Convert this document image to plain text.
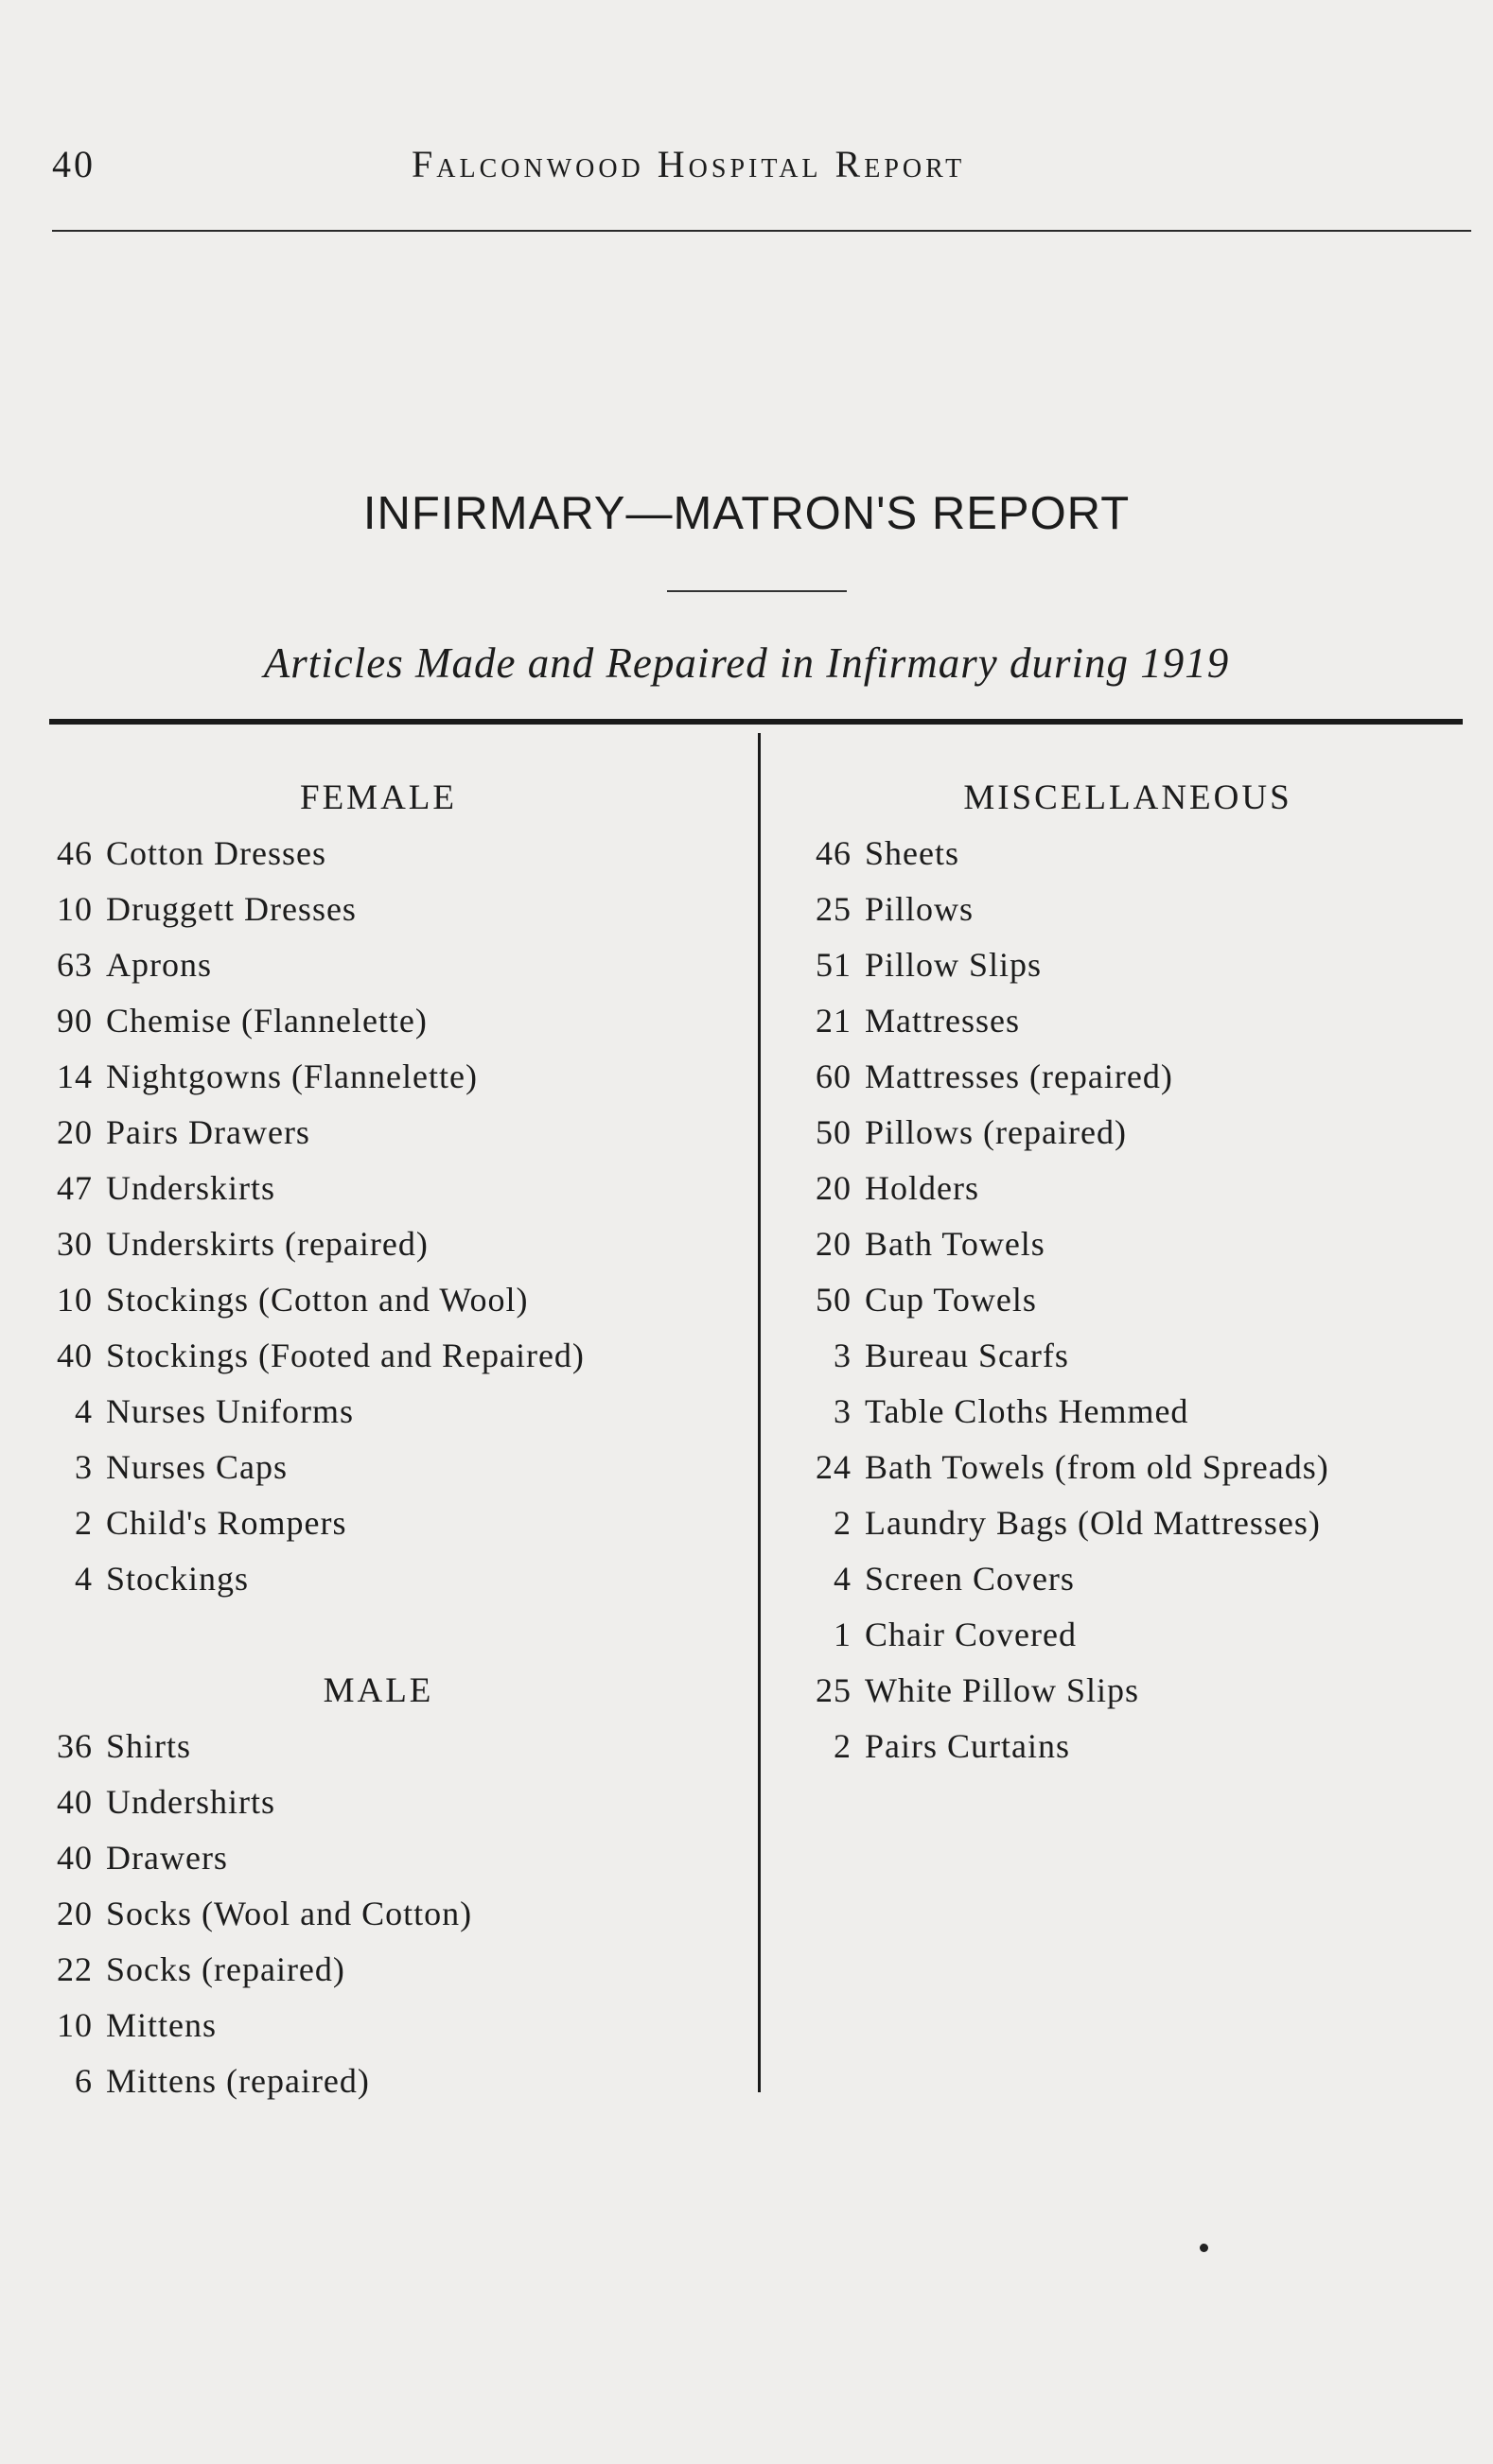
40	Falconwood Hospital Report
INFIRMARY—MATRON'S REPORT
Articles Made and Repaired in Infirmary during 1919
FEMALE
46 Cotton Dresses
10 Druggett Dresses
63 Aprons
90 Chemise (Flannelette)
14 Nightgowns (Flannelette)
20 Pairs Drawers
47 Underskirts
30 Underskirts (repaired)
10 Stockings (Cotton and Wool)
40 Stockings (Footed and Repaired)
4 Nurses Uniforms
3 Nurses Caps
2 Child's Rompers
4 Stockings
MALE
36 Shirts
40 Undershirts
40 Drawers
20 Socks (Wool and Cotton)
22 Socks (repaired)
10 Mittens
6 Mittens (repaired)
MISCELLANEOUS
46 Sheets
25 Pillows
51 Pillow Slips
21 Mattresses
60 Mattresses (repaired)
50 Pillows (repaired)
20 Holders
20 Bath Towels
50 Cup Towels
3 Bureau Scarfs
3 Table Cloths Hemmed
24 Bath Towels (from old Spreads)
2 Laundry Bags (Old Mattresses)
4 Screen Covers
1 Chair Covered
25 White Pillow Slips
2 Pairs Curtains
